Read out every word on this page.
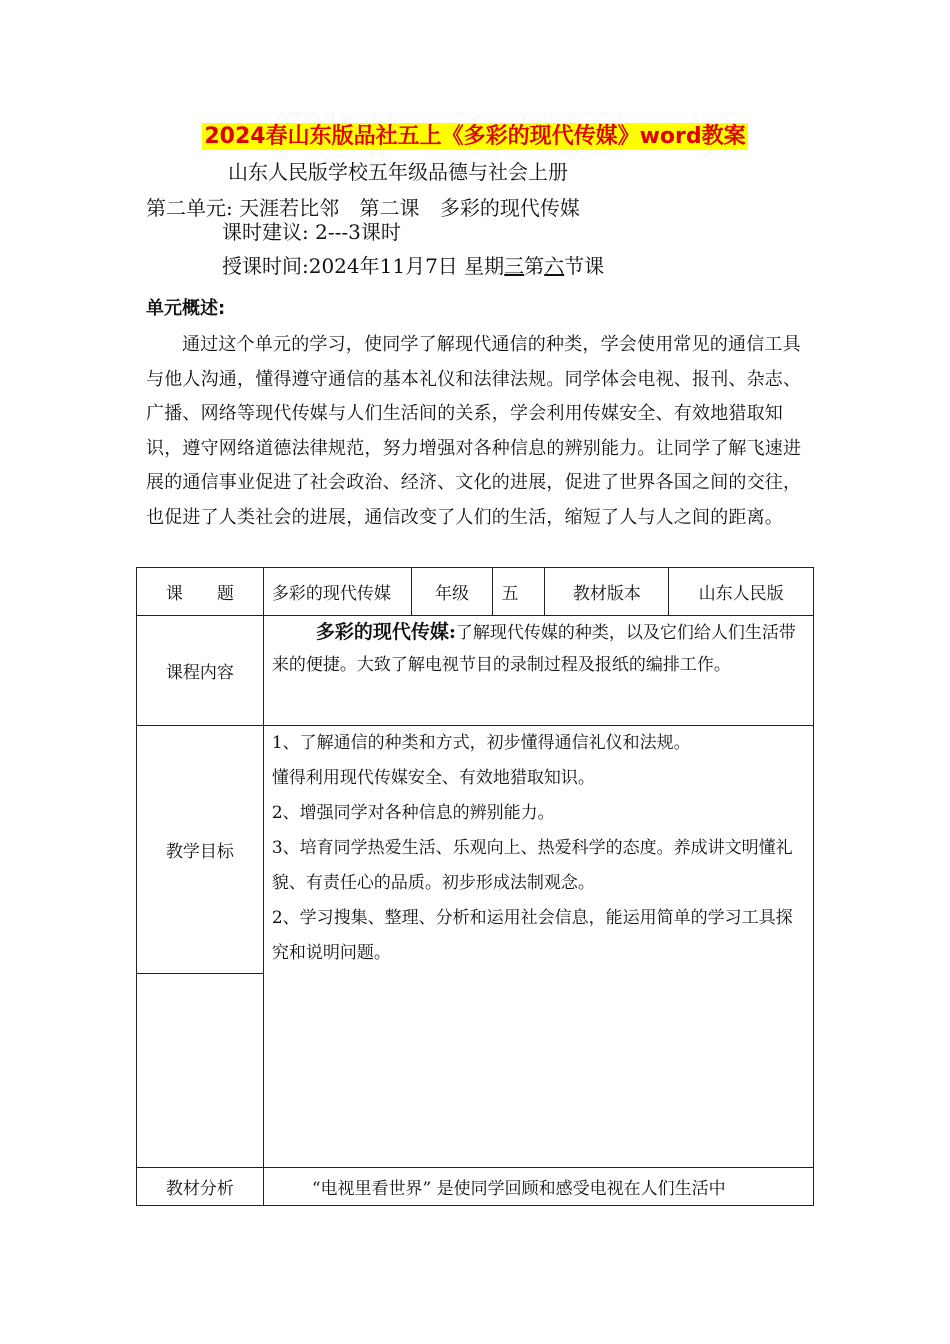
2024春山东版品社五上《多彩的现代传媒》word教案
山东人民版学校五年级品德与社会上册
第二单元: 天涯若比邻 第二课 多彩的现代传媒
课时建议: 2---3课时
授课时间:2024年11月7日 星期三第六节课
单元概述:
通过这个单元的学习，使同学了解现代通信的种类，学会使用常见的通信工具与他人沟通，懂得遵守通信的基本礼仪和法律法规。同学体会电视、报刊、杂志、广播、网络等现代传媒与人们生活间的关系，学会利用传媒安全、有效地猎取知识，遵守网络道德法律规范，努力增强对各种信息的辨别能力。让同学了解飞速进展的通信事业促进了社会政治、经济、文化的进展，促进了世界各国之间的交往，也促进了人类社会的进展，通信改变了人们的生活，缩短了人与人之间的距离。
课　　题	多彩的现代传媒	年级	五	教材版本	山东人民版
课程内容	多彩的现代传媒:了解现代传媒的种类，以及它们给人们生活带来的便捷。大致了解电视节目的录制过程及报纸的编排工作。				
教学目标	1、了解通信的种类和方式，初步懂得通信礼仪和法规。

懂得利用现代传媒安全、有效地猎取知识。

2、增强同学对各种信息的辨别能力。

3、培育同学热爱生活、乐观向上、热爱科学的态度。养成讲文明懂礼貌、有责任心的品质。初步形成法制观念。

2、学习搜集、整理、分析和运用社会信息，能运用简单的学习工具探究和说明问题。				

教材分析	“电视里看世界” 是使同学回顾和感受电视在人们生活中				
